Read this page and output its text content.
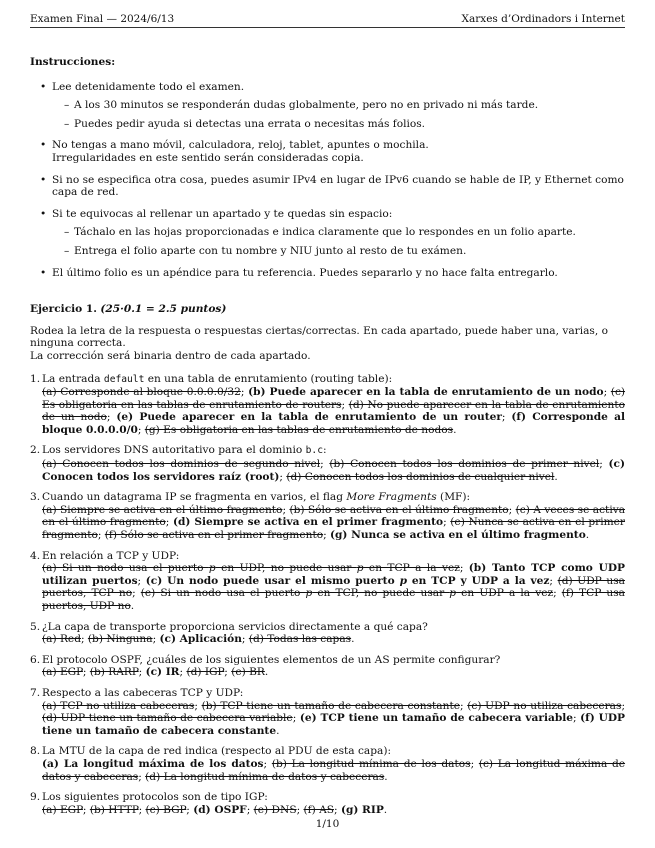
Examen Final — 2024/6/13	Xarxes d’Ordinadors i Internet
Instrucciones:
• Lee detenidamente todo el examen.
– A los 30 minutos se responderán dudas globalmente, pero no en privado ni más tarde.
– Puedes pedir ayuda si detectas una errata o necesitas más folios.
• No tengas a mano móvil, calculadora, reloj, tablet, apuntes o mochila.
Irregularidades en este sentido serán consideradas copia.
• Si no se especifica otra cosa, puedes asumir IPv4 en lugar de IPv6 cuando se hable de IP, y Ethernet como capa de red.
• Si te equivocas al rellenar un apartado y te quedas sin espacio:
– Táchalo en las hojas proporcionadas e indica claramente que lo respondes en un folio aparte.
– Entrega el folio aparte con tu nombre y NIU junto al resto de tu exámen.
• El último folio es un apéndice para tu referencia. Puedes separarlo y no hace falta entregarlo.
Ejercicio 1. (25·0.1 = 2.5 puntos)
Rodea la letra de la respuesta o respuestas ciertas/correctas. En cada apartado, puede haber una, varias, o ninguna correcta.
La corrección será binaria dentro de cada apartado.
1. La entrada default en una tabla de enrutamiento (routing table):
(a) Corresponde al bloque 0.0.0.0/32; (b) Puede aparecer en la tabla de enrutamiento de un nodo; (c) Es obligatoria en las tablas de enrutamiento de routers; (d) No puede aparecer en la tabla de enrutamiento de un nodo; (e) Puede aparecer en la tabla de enrutamiento de un router; (f) Corresponde al bloque 0.0.0.0/0; (g) Es obligatoria en las tablas de enrutamiento de nodos.
2. Los servidores DNS autoritativo para el dominio b.c:
(a) Conocen todos los dominios de segundo nivel; (b) Conocen todos los dominios de primer nivel; (c) Conocen todos los servidores raíz (root); (d) Conocen todos los dominios de cualquier nivel.
3. Cuando un datagrama IP se fragmenta en varios, el flag More Fragments (MF):
(a) Siempre se activa en el último fragmento; (b) Sólo se activa en el último fragmento; (c) A veces se activa en el último fragmento; (d) Siempre se activa en el primer fragmento; (e) Nunca se activa en el primer fragmento; (f) Sólo se activa en el primer fragmento; (g) Nunca se activa en el último fragmento.
4. En relación a TCP y UDP:
(a) Si un nodo usa el puerto p en UDP, no puede usar p en TCP a la vez; (b) Tanto TCP como UDP utilizan puertos; (c) Un nodo puede usar el mismo puerto p en TCP y UDP a la vez; (d) UDP usa puertos, TCP no; (e) Si un nodo usa el puerto p en TCP, no puede usar p en UDP a la vez; (f) TCP usa puertos, UDP no.
5. ¿La capa de transporte proporciona servicios directamente a qué capa?
(a) Red; (b) Ninguna; (c) Aplicación; (d) Todas las capas.
6. El protocolo OSPF, ¿cuáles de los siguientes elementos de un AS permite configurar?
(a) EGP; (b) RARP; (c) IR; (d) IGP; (e) BR.
7. Respecto a las cabeceras TCP y UDP:
(a) TCP no utiliza cabeceras; (b) TCP tiene un tamaño de cabecera constante; (c) UDP no utiliza cabeceras; (d) UDP tiene un tamaño de cabecera variable; (e) TCP tiene un tamaño de cabecera variable; (f) UDP tiene un tamaño de cabecera constante.
8. La MTU de la capa de red indica (respecto al PDU de esta capa):
(a) La longitud máxima de los datos; (b) La longitud mínima de los datos; (c) La longitud máxima de datos y cabeceras; (d) La longitud mínima de datos y cabeceras.
9. Los siguientes protocolos son de tipo IGP:
(a) EGP; (b) HTTP; (c) BGP; (d) OSPF; (e) DNS; (f) AS; (g) RIP.
1/10
